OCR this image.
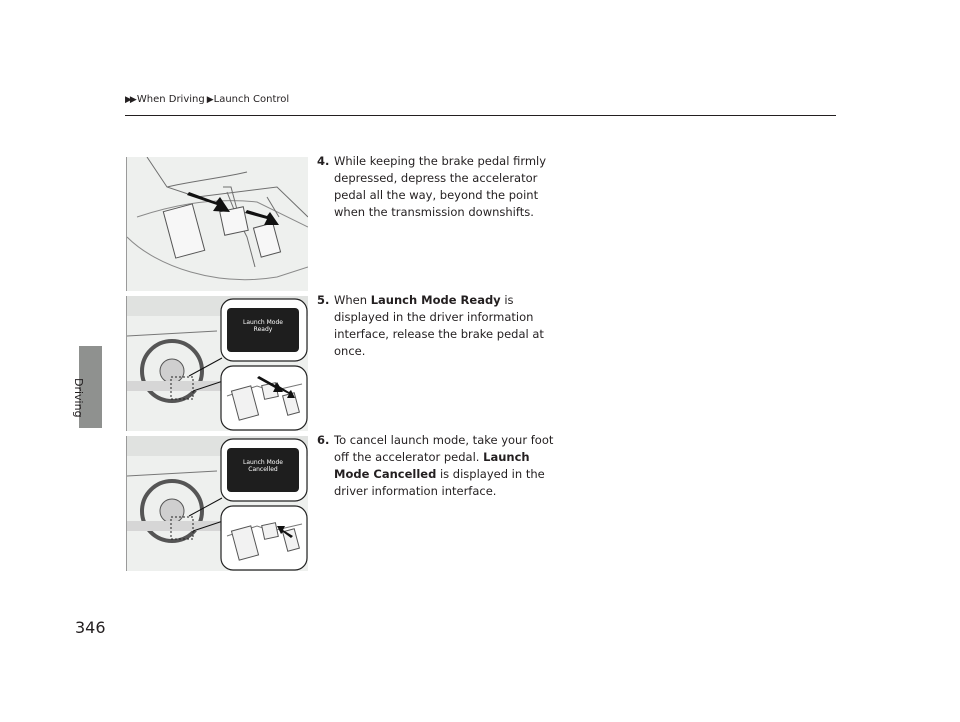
▶▶ When Driving ▶ Launch Control
Driving
Launch Mode
Ready
Launch Mode
Cancelled
4. While keeping the brake pedal firmly depressed, depress the accelerator pedal all the way, beyond the point when the transmission downshifts.
5. When Launch Mode Ready is displayed in the driver information interface, release the brake pedal at once.
6. To cancel launch mode, take your foot off the accelerator pedal. Launch Mode Cancelled is displayed in the driver information interface.
346
